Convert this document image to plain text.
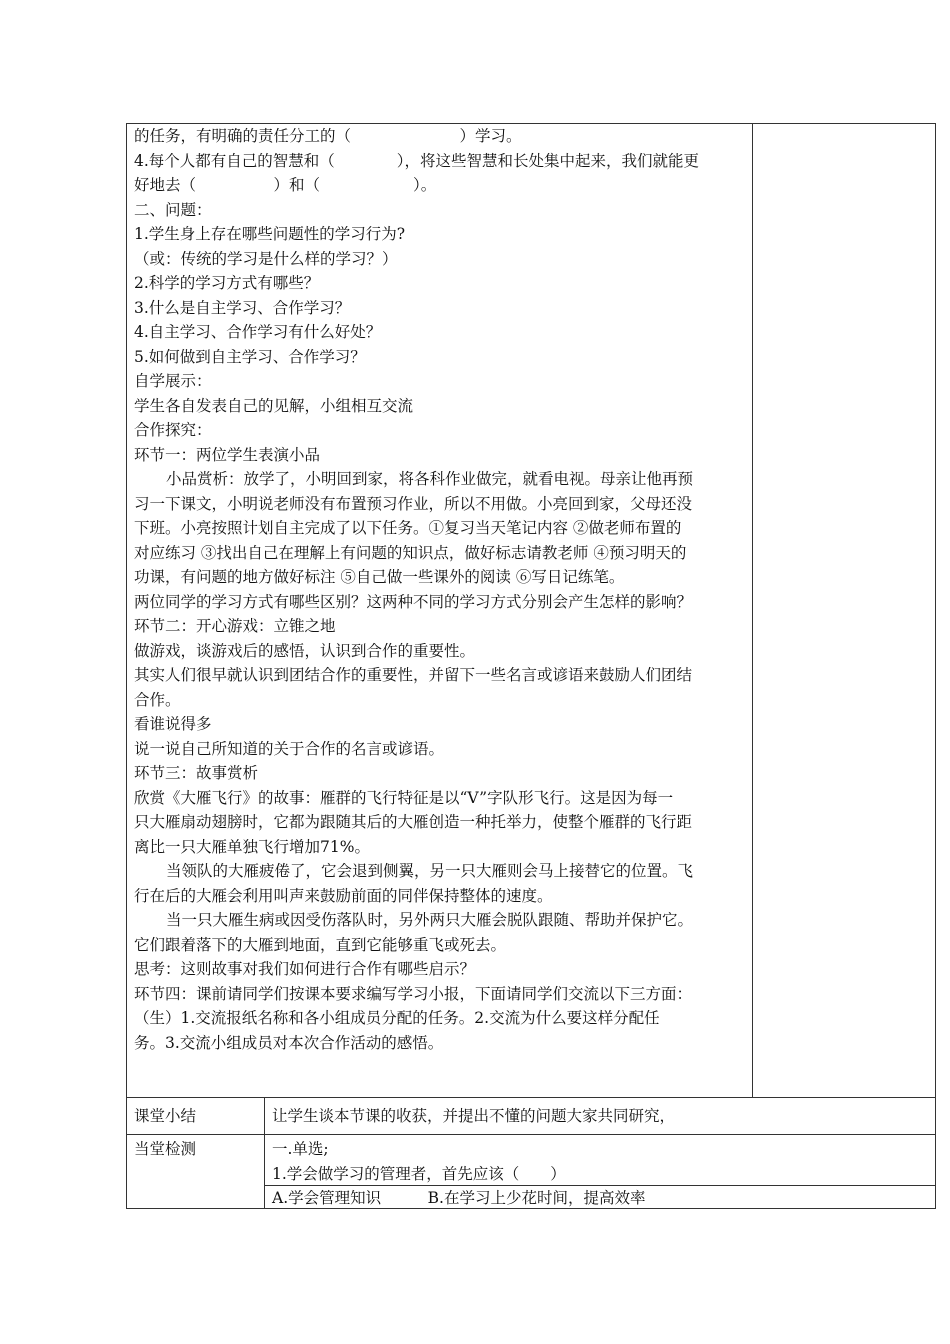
的任务，有明确的责任分工的（　　　　　　　）学习。

4.每个人都有自己的智慧和（　　　　），将这些智慧和长处集中起来，我们就能更

好地去（　　　　　）和（　　　　　　）。

二、问题：

1.学生身上存在哪些问题性的学习行为?

（或：传统的学习是什么样的学习？）

2.科学的学习方式有哪些？

3.什么是自主学习、合作学习？

4.自主学习、合作学习有什么好处？

5.如何做到自主学习、合作学习？

自学展示：

学生各自发表自己的见解，小组相互交流

合作探究：

环节一：两位学生表演小品

小品赏析：放学了，小明回到家，将各科作业做完，就看电视。母亲让他再预

习一下课文，小明说老师没有布置预习作业，所以不用做。小亮回到家，父母还没

下班。小亮按照计划自主完成了以下任务。①复习当天笔记内容 ②做老师布置的

对应练习 ③找出自己在理解上有问题的知识点，做好标志请教老师 ④预习明天的

功课，有问题的地方做好标注 ⑤自己做一些课外的阅读 ⑥写日记练笔。

两位同学的学习方式有哪些区别？这两种不同的学习方式分别会产生怎样的影响？

环节二：开心游戏：立锥之地

做游戏，谈游戏后的感悟，认识到合作的重要性。

其实人们很早就认识到团结合作的重要性，并留下一些名言或谚语来鼓励人们团结

合作。

看谁说得多

说一说自己所知道的关于合作的名言或谚语。

环节三：故事赏析

欣赏《大雁飞行》的故事：雁群的飞行特征是以“V”字队形飞行。这是因为每一

只大雁扇动翅膀时，它都为跟随其后的大雁创造一种托举力，使整个雁群的飞行距

离比一只大雁单独飞行增加71%。

当领队的大雁疲倦了，它会退到侧翼，另一只大雁则会马上接替它的位置。飞

行在后的大雁会利用叫声来鼓励前面的同伴保持整体的速度。

当一只大雁生病或因受伤落队时，另外两只大雁会脱队跟随、帮助并保护它。

它们跟着落下的大雁到地面，直到它能够重飞或死去。

思考：这则故事对我们如何进行合作有哪些启示？

环节四：课前请同学们按课本要求编写学习小报，下面请同学们交流以下三方面：

（生）1.交流报纸名称和各小组成员分配的任务。2.交流为什么要这样分配任

务。3.交流小组成员对本次合作活动的感悟。

课堂小结	让学生谈本节课的收获，并提出不懂的问题大家共同研究，
当堂检测	一.单选;

1.学会做学习的管理者，首先应该（　　）

A.学会管理知识　　　B.在学习上少花时间，提高效率
